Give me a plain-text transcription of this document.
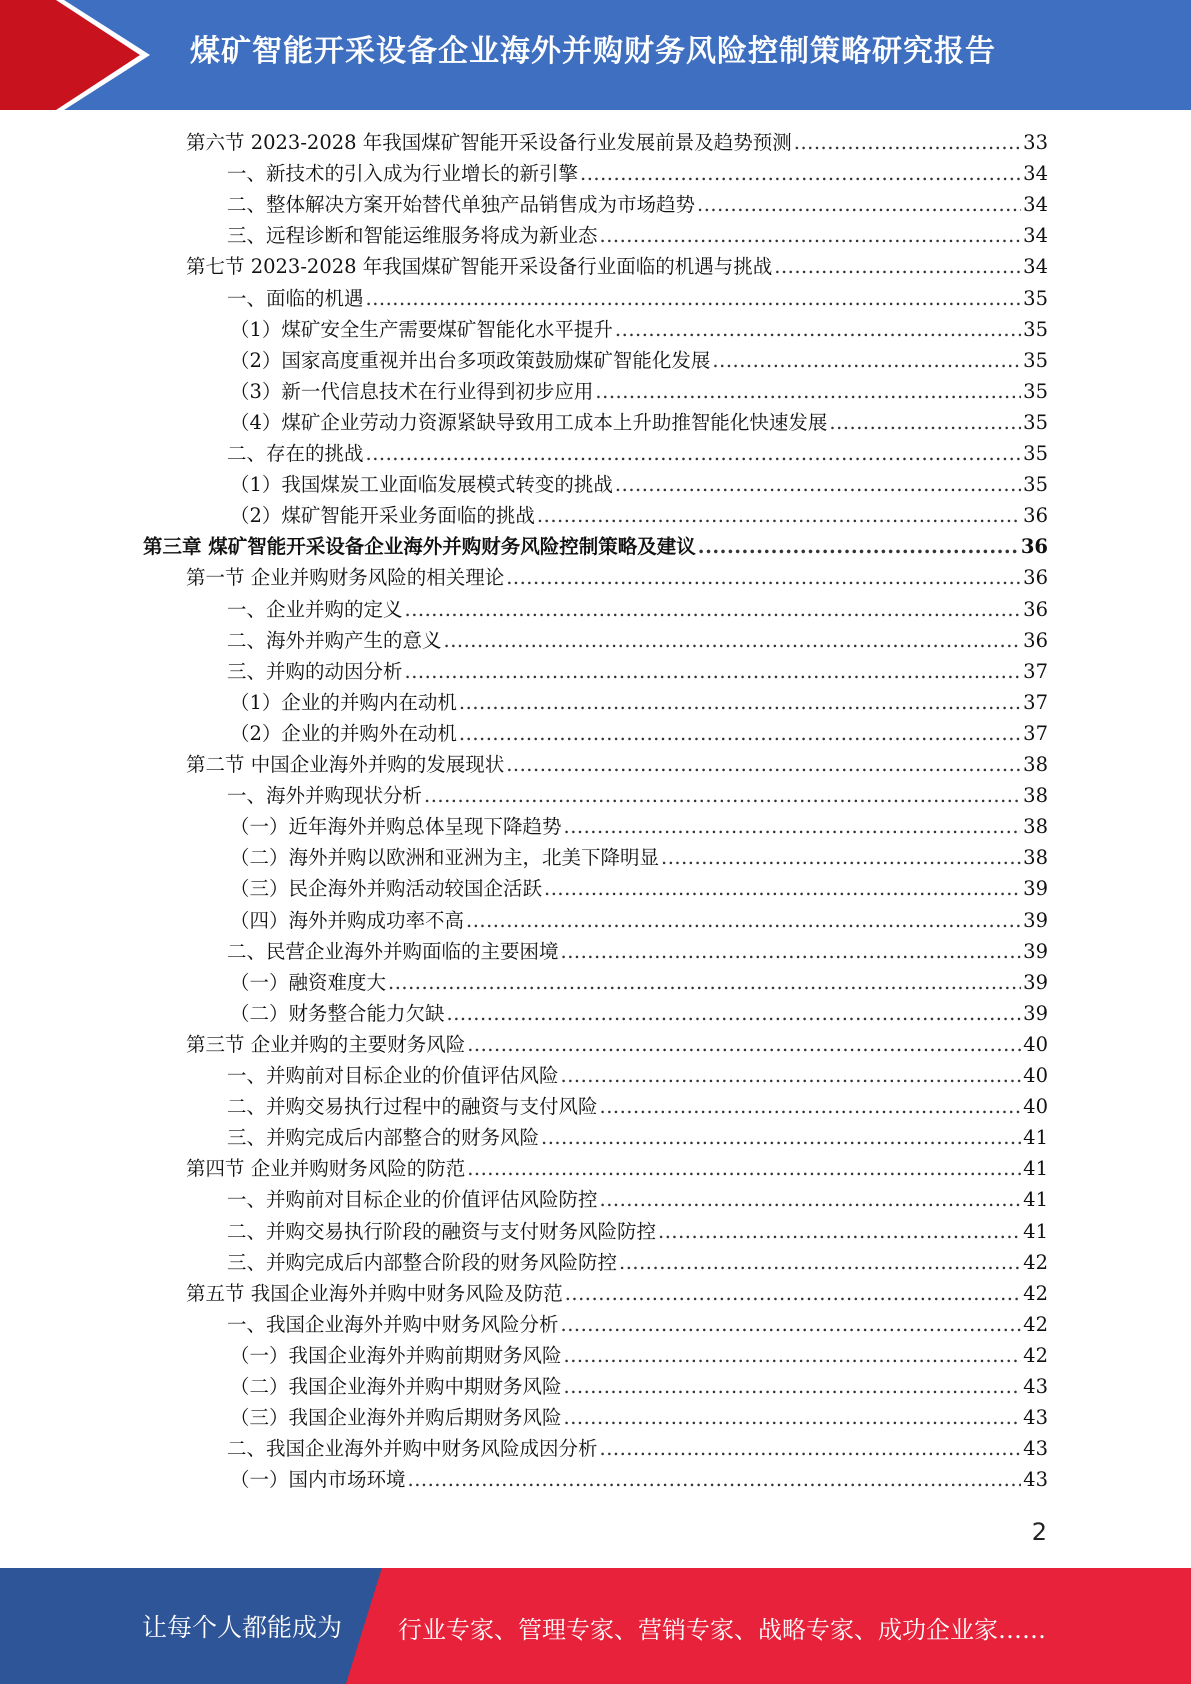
煤矿智能开采设备企业海外并购财务风险控制策略研究报告
第六节 2023-2028 年我国煤矿智能开采设备行业发展前景及趋势预测 .....	33
一、新技术的引入成为行业增长的新引擎 .....	34
二、整体解决方案开始替代单独产品销售成为市场趋势 .....	34
三、远程诊断和智能运维服务将成为新业态 .....	34
第七节 2023-2028 年我国煤矿智能开采设备行业面临的机遇与挑战 .....	34
一、面临的机遇 .....	35
（1）煤矿安全生产需要煤矿智能化水平提升 .....	35
（2）国家高度重视并出台多项政策鼓励煤矿智能化发展 .....	35
（3）新一代信息技术在行业得到初步应用 .....	35
（4）煤矿企业劳动力资源紧缺导致用工成本上升助推智能化快速发展 .....	35
二、存在的挑战 .....	35
（1）我国煤炭工业面临发展模式转变的挑战 .....	35
（2）煤矿智能开采业务面临的挑战 .....	36
第三章 煤矿智能开采设备企业海外并购财务风险控制策略及建议 .....	36
第一节 企业并购财务风险的相关理论 .....	36
一、企业并购的定义 .....	36
二、海外并购产生的意义 .....	36
三、并购的动因分析 .....	37
（1）企业的并购内在动机 .....	37
（2）企业的并购外在动机 .....	37
第二节 中国企业海外并购的发展现状 .....	38
一、海外并购现状分析 .....	38
（一）近年海外并购总体呈现下降趋势 .....	38
（二）海外并购以欧洲和亚洲为主，北美下降明显 .....	38
（三）民企海外并购活动较国企活跃 .....	39
（四）海外并购成功率不高 .....	39
二、民营企业海外并购面临的主要困境 .....	39
（一）融资难度大 .....	39
（二）财务整合能力欠缺 .....	39
第三节 企业并购的主要财务风险 .....	40
一、并购前对目标企业的价值评估风险 .....	40
二、并购交易执行过程中的融资与支付风险 .....	40
三、并购完成后内部整合的财务风险 .....	41
第四节 企业并购财务风险的防范 .....	41
一、并购前对目标企业的价值评估风险防控 .....	41
二、并购交易执行阶段的融资与支付财务风险防控 .....	41
三、并购完成后内部整合阶段的财务风险防控 .....	42
第五节 我国企业海外并购中财务风险及防范 .....	42
一、我国企业海外并购中财务风险分析 .....	42
（一）我国企业海外并购前期财务风险 .....	42
（二）我国企业海外并购中期财务风险 .....	43
（三）我国企业海外并购后期财务风险 .....	43
二、我国企业海外并购中财务风险成因分析 .....	43
（一）国内市场环境 .....	43
2
让每个人都能成为 行业专家、管理专家、营销专家、战略专家、成功企业家……
